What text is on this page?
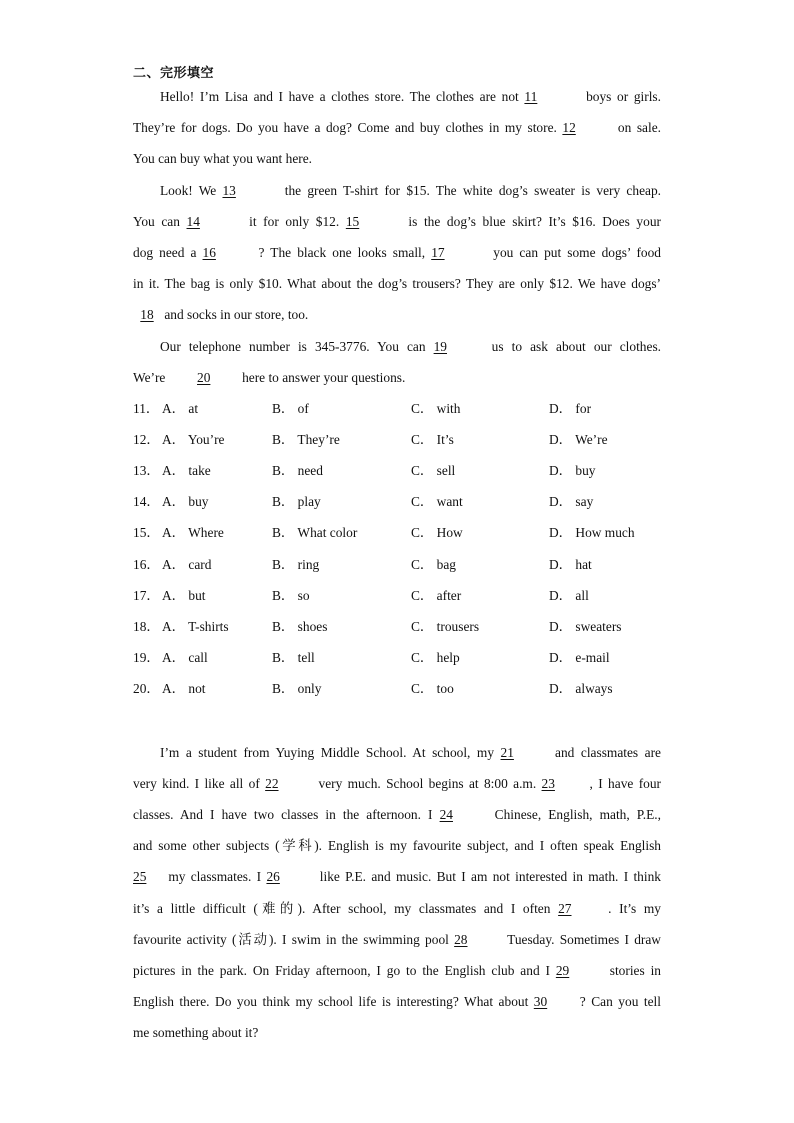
二、完形填空
Hello! I’m Lisa and I have a clothes store. The clothes are not 11	boys or girls.
They’re for dogs. Do you have a dog? Come and buy clothes in my store. 12	on sale.
You can buy what you want here.
Look! We 13	the green T-shirt for $15. The white dog’s sweater is very cheap.
You can 14	it for only $12. 15	is the dog’s blue skirt? It’s $16. Does your
dog need a 16	? The black one looks small, 17	you can put some dogs’ food
in it. The bag is only $10. What about the dog’s trousers? They are only $12. We have dogs’
18 and socks in our store, too.
Our telephone number is 345-3776. You can 19	us to ask about our clothes.
We’re 20 here to answer your questions.
11． A． at	B． of	C． with	D． for
12． A． You’re	B． They’re	C． It’s	D． We’re
13． A． take	B． need	C． sell	D． buy
14． A． buy	B． play	C． want	D． say
15． A． Where	B． What color	C． How	D． How much
16． A． card	B． ring	C． bag	D． hat
17． A． but	B． so	C． after	D． all
18． A． T-shirts	B． shoes	C． trousers	D． sweaters
19． A． call	B． tell	C． help	D． e-mail
20． A． not	B． only	C． too	D． always
I’m a student from Yuying Middle School. At school, my 21	and classmates are
very kind. I like all of 22	very much. School begins at 8:00 a.m. 23	, I have four
classes. And I have two classes in the afternoon. I 24	Chinese, English, math, P.E.,
and some other subjects (学科). English is my favourite subject, and I often speak English
25 my classmates. I 26	like P.E. and music. But I am not interested in math. I think
it’s a little difficult (难的). After school, my classmates and I often 27	. It’s my
favourite activity (活动). I swim in the swimming pool 28	Tuesday. Sometimes I draw
pictures in the park. On Friday afternoon, I go to the English club and I 29	stories in
English there. Do you think my school life is interesting? What about 30 ? Can you tell
me something about it?
